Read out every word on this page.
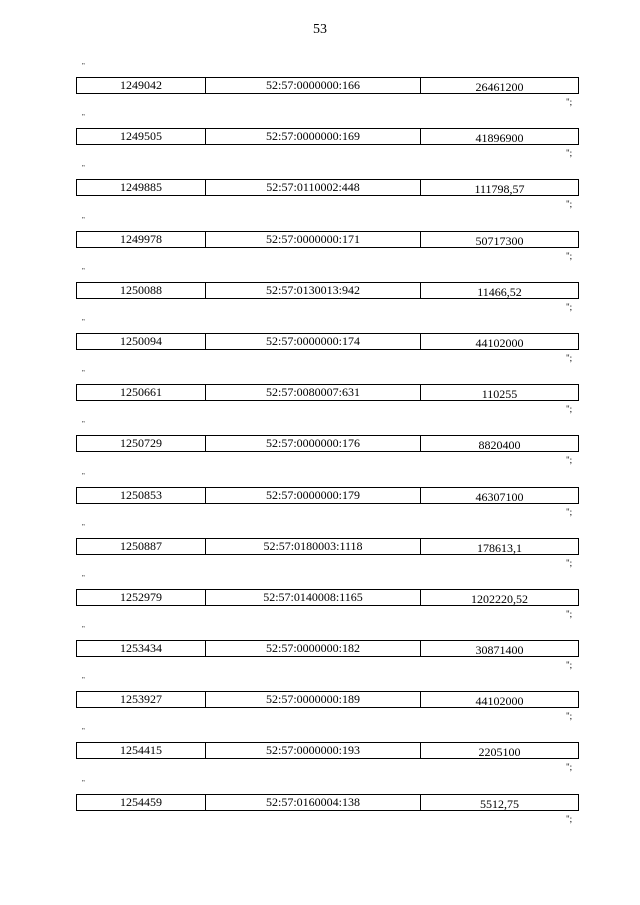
53
"
1249042	52:57:0000000:166	26461200
";
"
1249505	52:57:0000000:169	41896900
";
"
1249885	52:57:0110002:448	111798,57
";
"
1249978	52:57:0000000:171	50717300
";
"
1250088	52:57:0130013:942	11466,52
";
"
1250094	52:57:0000000:174	44102000
";
"
1250661	52:57:0080007:631	110255
";
"
1250729	52:57:0000000:176	8820400
";
"
1250853	52:57:0000000:179	46307100
";
"
1250887	52:57:0180003:1118	178613,1
";
"
1252979	52:57:0140008:1165	1202220,52
";
"
1253434	52:57:0000000:182	30871400
";
"
1253927	52:57:0000000:189	44102000
";
"
1254415	52:57:0000000:193	2205100
";
"
1254459	52:57:0160004:138	5512,75
";
